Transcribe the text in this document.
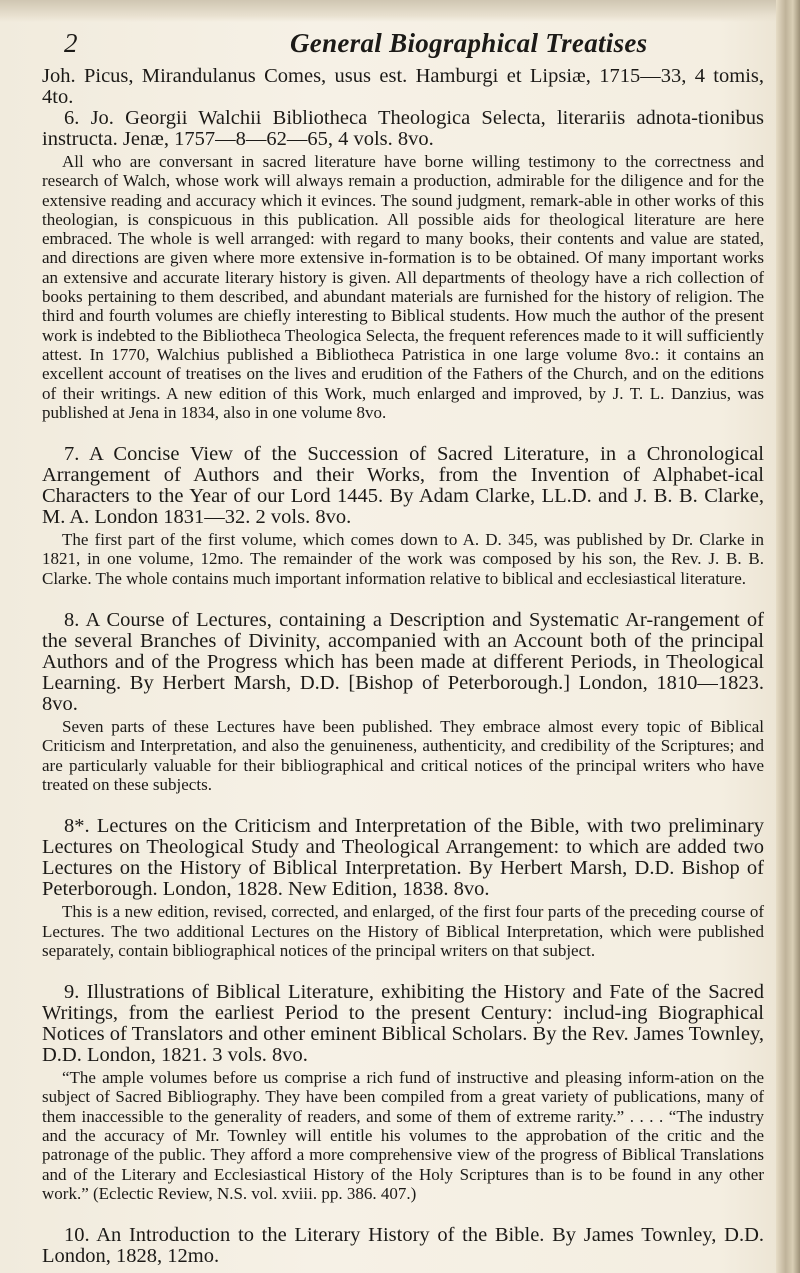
2	General Biographical Treatises

Joh. Picus, Mirandulanus Comes, usus est. Hamburgi et Lipsiæ, 1715—33, 4 tomis, 4to.

6. Jo. Georgii Walchii Bibliotheca Theologica Selecta, literariis adnota-tionibus instructa. Jenæ, 1757—8—62—65, 4 vols. 8vo.

All who are conversant in sacred literature have borne willing testimony to the correctness and research of Walch, whose work will always remain a production, admirable for the diligence and for the extensive reading and accuracy which it evinces. The sound judgment, remark-able in other works of this theologian, is conspicuous in this publication. All possible aids for theological literature are here embraced. The whole is well arranged: with regard to many books, their contents and value are stated, and directions are given where more extensive in-formation is to be obtained. Of many important works an extensive and accurate literary history is given. All departments of theology have a rich collection of books pertaining to them described, and abundant materials are furnished for the history of religion. The third and fourth volumes are chiefly interesting to Biblical students. How much the author of the present work is indebted to the Bibliotheca Theologica Selecta, the frequent references made to it will sufficiently attest. In 1770, Walchius published a Bibliotheca Patristica in one large volume 8vo.: it contains an excellent account of treatises on the lives and erudition of the Fathers of the Church, and on the editions of their writings. A new edition of this Work, much enlarged and improved, by J. T. L. Danzius, was published at Jena in 1834, also in one volume 8vo.

7. A Concise View of the Succession of Sacred Literature, in a Chronological Arrangement of Authors and their Works, from the Invention of Alphabet-ical Characters to the Year of our Lord 1445. By Adam Clarke, LL.D. and J. B. B. Clarke, M. A. London 1831—32. 2 vols. 8vo.

The first part of the first volume, which comes down to A. D. 345, was published by Dr. Clarke in 1821, in one volume, 12mo. The remainder of the work was composed by his son, the Rev. J. B. B. Clarke. The whole contains much important information relative to biblical and ecclesiastical literature.

8. A Course of Lectures, containing a Description and Systematic Ar-rangement of the several Branches of Divinity, accompanied with an Account both of the principal Authors and of the Progress which has been made at different Periods, in Theological Learning. By Herbert Marsh, D.D. [Bishop of Peterborough.] London, 1810—1823. 8vo.

Seven parts of these Lectures have been published. They embrace almost every topic of Biblical Criticism and Interpretation, and also the genuineness, authenticity, and credibility of the Scriptures; and are particularly valuable for their bibliographical and critical notices of the principal writers who have treated on these subjects.

8*. Lectures on the Criticism and Interpretation of the Bible, with two preliminary Lectures on Theological Study and Theological Arrangement: to which are added two Lectures on the History of Biblical Interpretation. By Herbert Marsh, D.D. Bishop of Peterborough. London, 1828. New Edition, 1838. 8vo.

This is a new edition, revised, corrected, and enlarged, of the first four parts of the preceding course of Lectures. The two additional Lectures on the History of Biblical Interpretation, which were published separately, contain bibliographical notices of the principal writers on that subject.

9. Illustrations of Biblical Literature, exhibiting the History and Fate of the Sacred Writings, from the earliest Period to the present Century: includ-ing Biographical Notices of Translators and other eminent Biblical Scholars. By the Rev. James Townley, D.D. London, 1821. 3 vols. 8vo.

“The ample volumes before us comprise a rich fund of instructive and pleasing inform-ation on the subject of Sacred Bibliography. They have been compiled from a great variety of publications, many of them inaccessible to the generality of readers, and some of them of extreme rarity.” . . . . “The industry and the accuracy of Mr. Townley will entitle his volumes to the approbation of the critic and the patronage of the public. They afford a more comprehensive view of the progress of Biblical Translations and of the Literary and Ecclesiastical History of the Holy Scriptures than is to be found in any other work.” (Eclectic Review, N.S. vol. xviii. pp. 386. 407.)

10. An Introduction to the Literary History of the Bible. By James Townley, D.D. London, 1828, 12mo.
